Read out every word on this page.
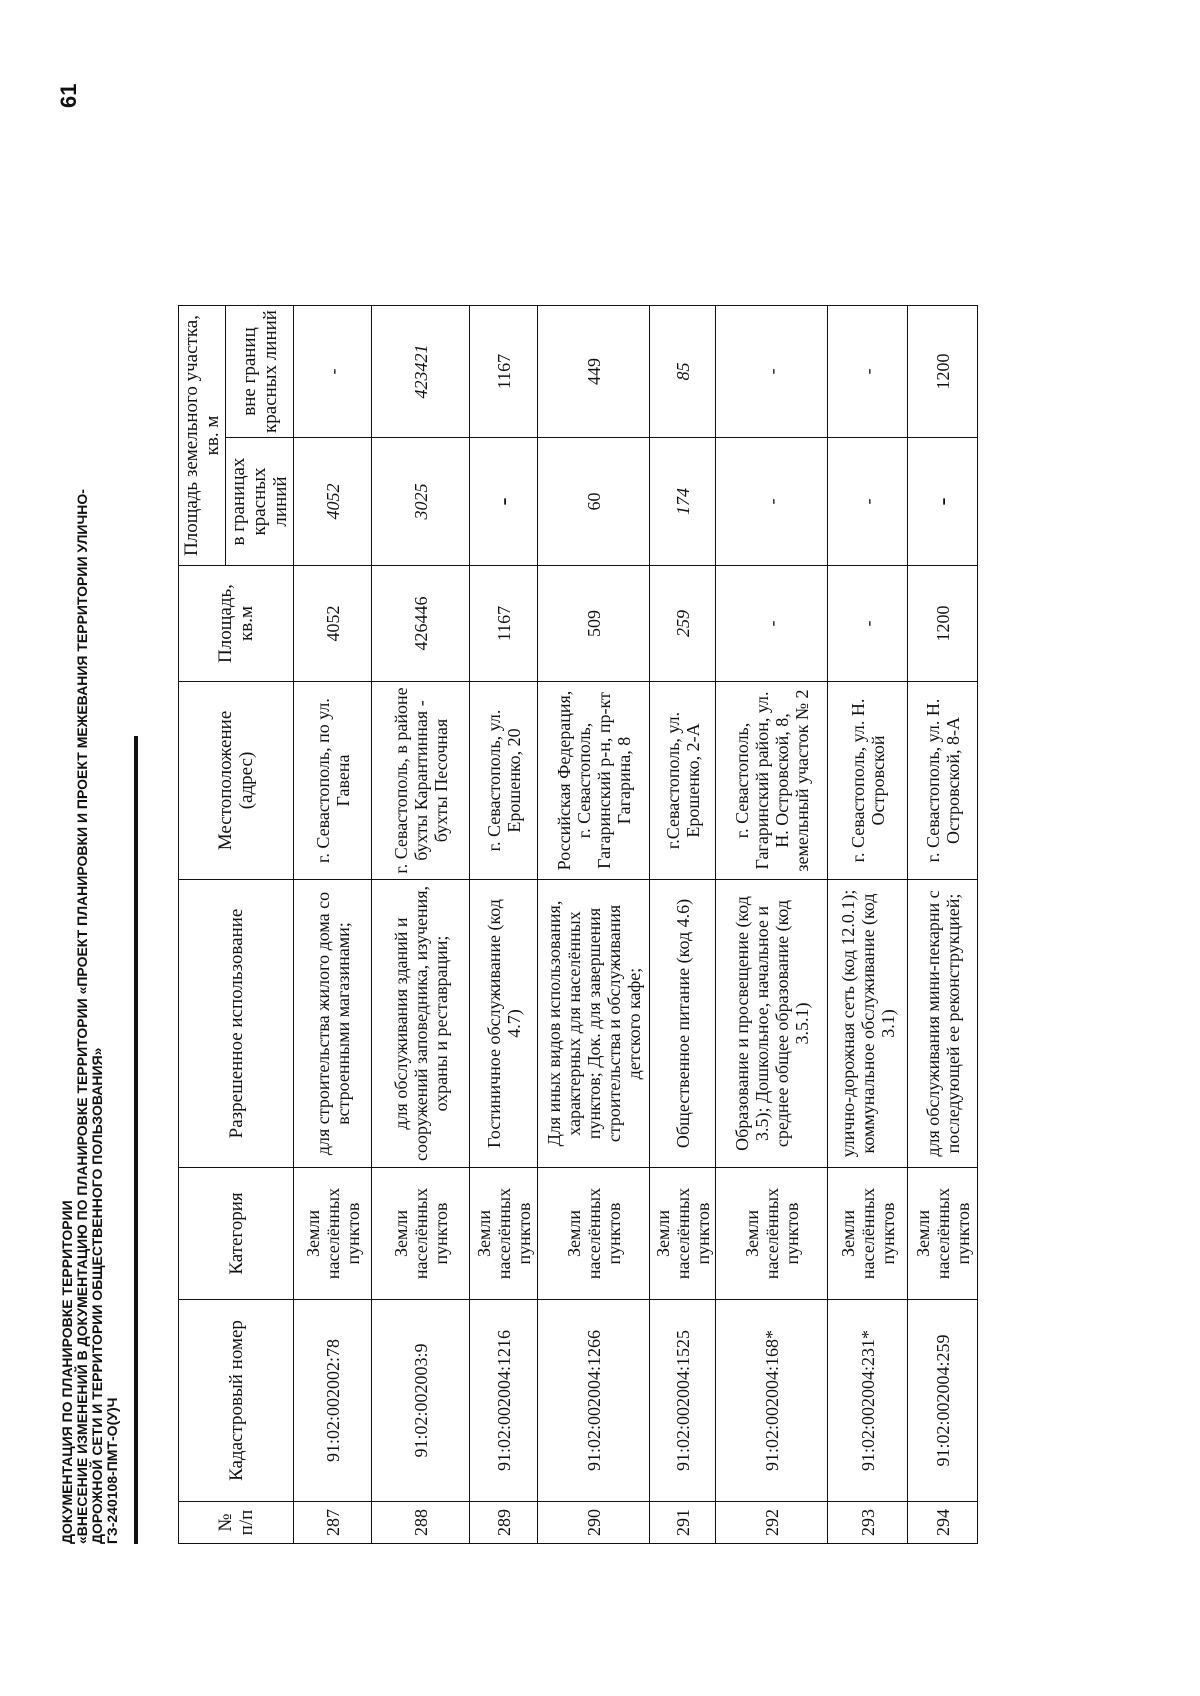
ДОКУМЕНТАЦИЯ ПО ПЛАНИРОВКЕ ТЕРРИТОРИИ «ВНЕСЕНИЕ ИЗМЕНЕНИЙ В ДОКУМЕНТАЦИЮ ПО ПЛАНИРОВКЕ ТЕРРИТОРИИ «ПРОЕКТ ПЛАНИРОВКИ И ПРОЕКТ МЕЖЕВАНИЯ ТЕРРИТОРИИ УЛИЧНО- ДОРОЖНОЙ СЕТИ И ТЕРРИТОРИИ ОБЩЕСТВЕННОГО ПОЛЬЗОВАНИЯ» ГЗ-240108-ПМТ-О(У)Ч
61
№ п/п	Кадастровый номер	Категория	Разрешенное использование	Местоположение (адрес)	Площадь, кв.м	Площадь земельного участка, кв. м	
						в границах красных линий	вне границ красных линий
287	91:02:002002:78	Земли населённых пунктов	для строительства жилого дома со встроенными магазинами;	г. Севастополь, по ул. Гавена	4052	4052	-
288	91:02:002003:9	Земли населённых пунктов	для обслуживания зданий и сооружений заповедника, изучения, охраны и реставрации;	г. Севастополь, в районе бухты Карантинная - бухты Песочная	426446	3025	423421
289	91:02:002004:1216	Земли населённых пунктов	Гостиничное обслуживание (код 4.7)	г. Севастополь, ул. Ерошенко, 20	1167	-	1167
290	91:02:002004:1266	Земли населённых пунктов	Для иных видов использования, характерных для населённых пунктов; Док. для завершения строительства и обслуживания детского кафе;	Российская Федерация, г. Севастополь, Гагаринский р-н, пр-кт Гагарина, 8	509	60	449
291	91:02:002004:1525	Земли населённых пунктов	Общественное питание (код 4.6)	г.Севастополь, ул. Ерошенко, 2-А	259	174	85
292	91:02:002004:168*	Земли населённых пунктов	Образование и просвещение (код 3.5); Дошкольное, начальное и среднее общее образование (код 3.5.1)	г. Севастополь, Гагаринский район, ул. Н. Островской, 8, земельный участок № 2	-	-	-
293	91:02:002004:231*	Земли населённых пунктов	улично-дорожная сеть (код 12.0.1); коммунальное обслуживание (код 3.1)	г. Севастополь, ул. Н. Островской	-	-	-
294	91:02:002004:259	Земли населённых пунктов	для обслуживания мини-пекарни с последующей ее реконструкцией;	г. Севастополь, ул. Н. Островской, 8-А	1200	-	1200
